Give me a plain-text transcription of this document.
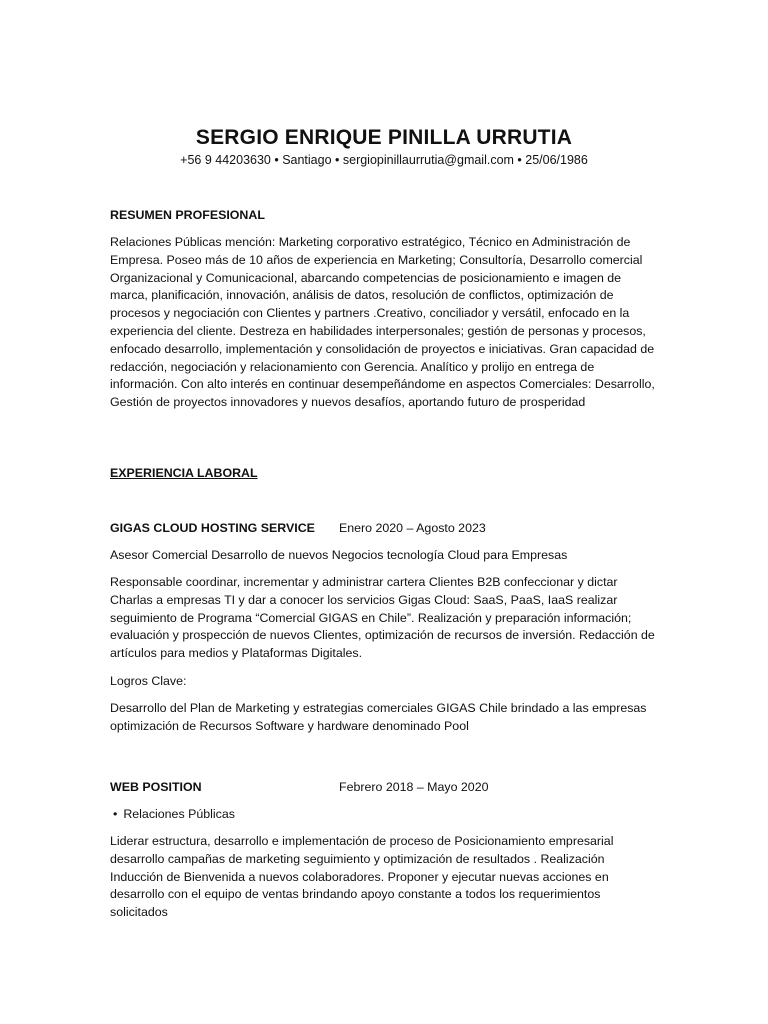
SERGIO ENRIQUE PINILLA URRUTIA
+56 9 44203630 • Santiago • sergiopinillaurrutia@gmail.com • 25/06/1986
RESUMEN PROFESIONAL
Relaciones Públicas mención: Marketing corporativo estratégico, Técnico en Administración de Empresa. Poseo más de 10 años de experiencia en Marketing; Consultoría, Desarrollo comercial Organizacional y Comunicacional, abarcando competencias de posicionamiento e imagen de marca, planificación, innovación, análisis de datos, resolución de conflictos, optimización de procesos y negociación con Clientes y partners .Creativo, conciliador y versátil, enfocado en la experiencia del cliente. Destreza en habilidades interpersonales; gestión de personas y procesos, enfocado desarrollo, implementación y consolidación de proyectos e iniciativas. Gran capacidad de redacción, negociación y relacionamiento con Gerencia. Analítico y prolijo en entrega de información. Con alto interés en continuar desempeñándome en aspectos Comerciales: Desarrollo, Gestión de proyectos innovadores y nuevos desafíos, aportando futuro de prosperidad
EXPERIENCIA LABORAL
GIGAS CLOUD HOSTING SERVICE Enero 2020 – Agosto 2023
Asesor Comercial Desarrollo de nuevos Negocios tecnología Cloud para Empresas
Responsable coordinar, incrementar y administrar cartera Clientes B2B confeccionar y dictar Charlas a empresas TI y dar a conocer los servicios Gigas Cloud: SaaS, PaaS, IaaS realizar seguimiento de Programa “Comercial GIGAS en Chile”. Realización y preparación información; evaluación y prospección de nuevos Clientes, optimización de recursos de inversión. Redacción de artículos para medios y Plataformas Digitales.
Logros Clave:
Desarrollo del Plan de Marketing y estrategias comerciales GIGAS Chile brindado a las empresas optimización de Recursos Software y hardware denominado Pool
WEB POSITION	Febrero 2018 – Mayo 2020
• Relaciones Públicas
Liderar estructura, desarrollo e implementación de proceso de Posicionamiento empresarial desarrollo campañas de marketing seguimiento y optimización de resultados . Realización Inducción de Bienvenida a nuevos colaboradores. Proponer y ejecutar nuevas acciones en desarrollo con el equipo de ventas brindando apoyo constante a todos los requerimientos solicitados
